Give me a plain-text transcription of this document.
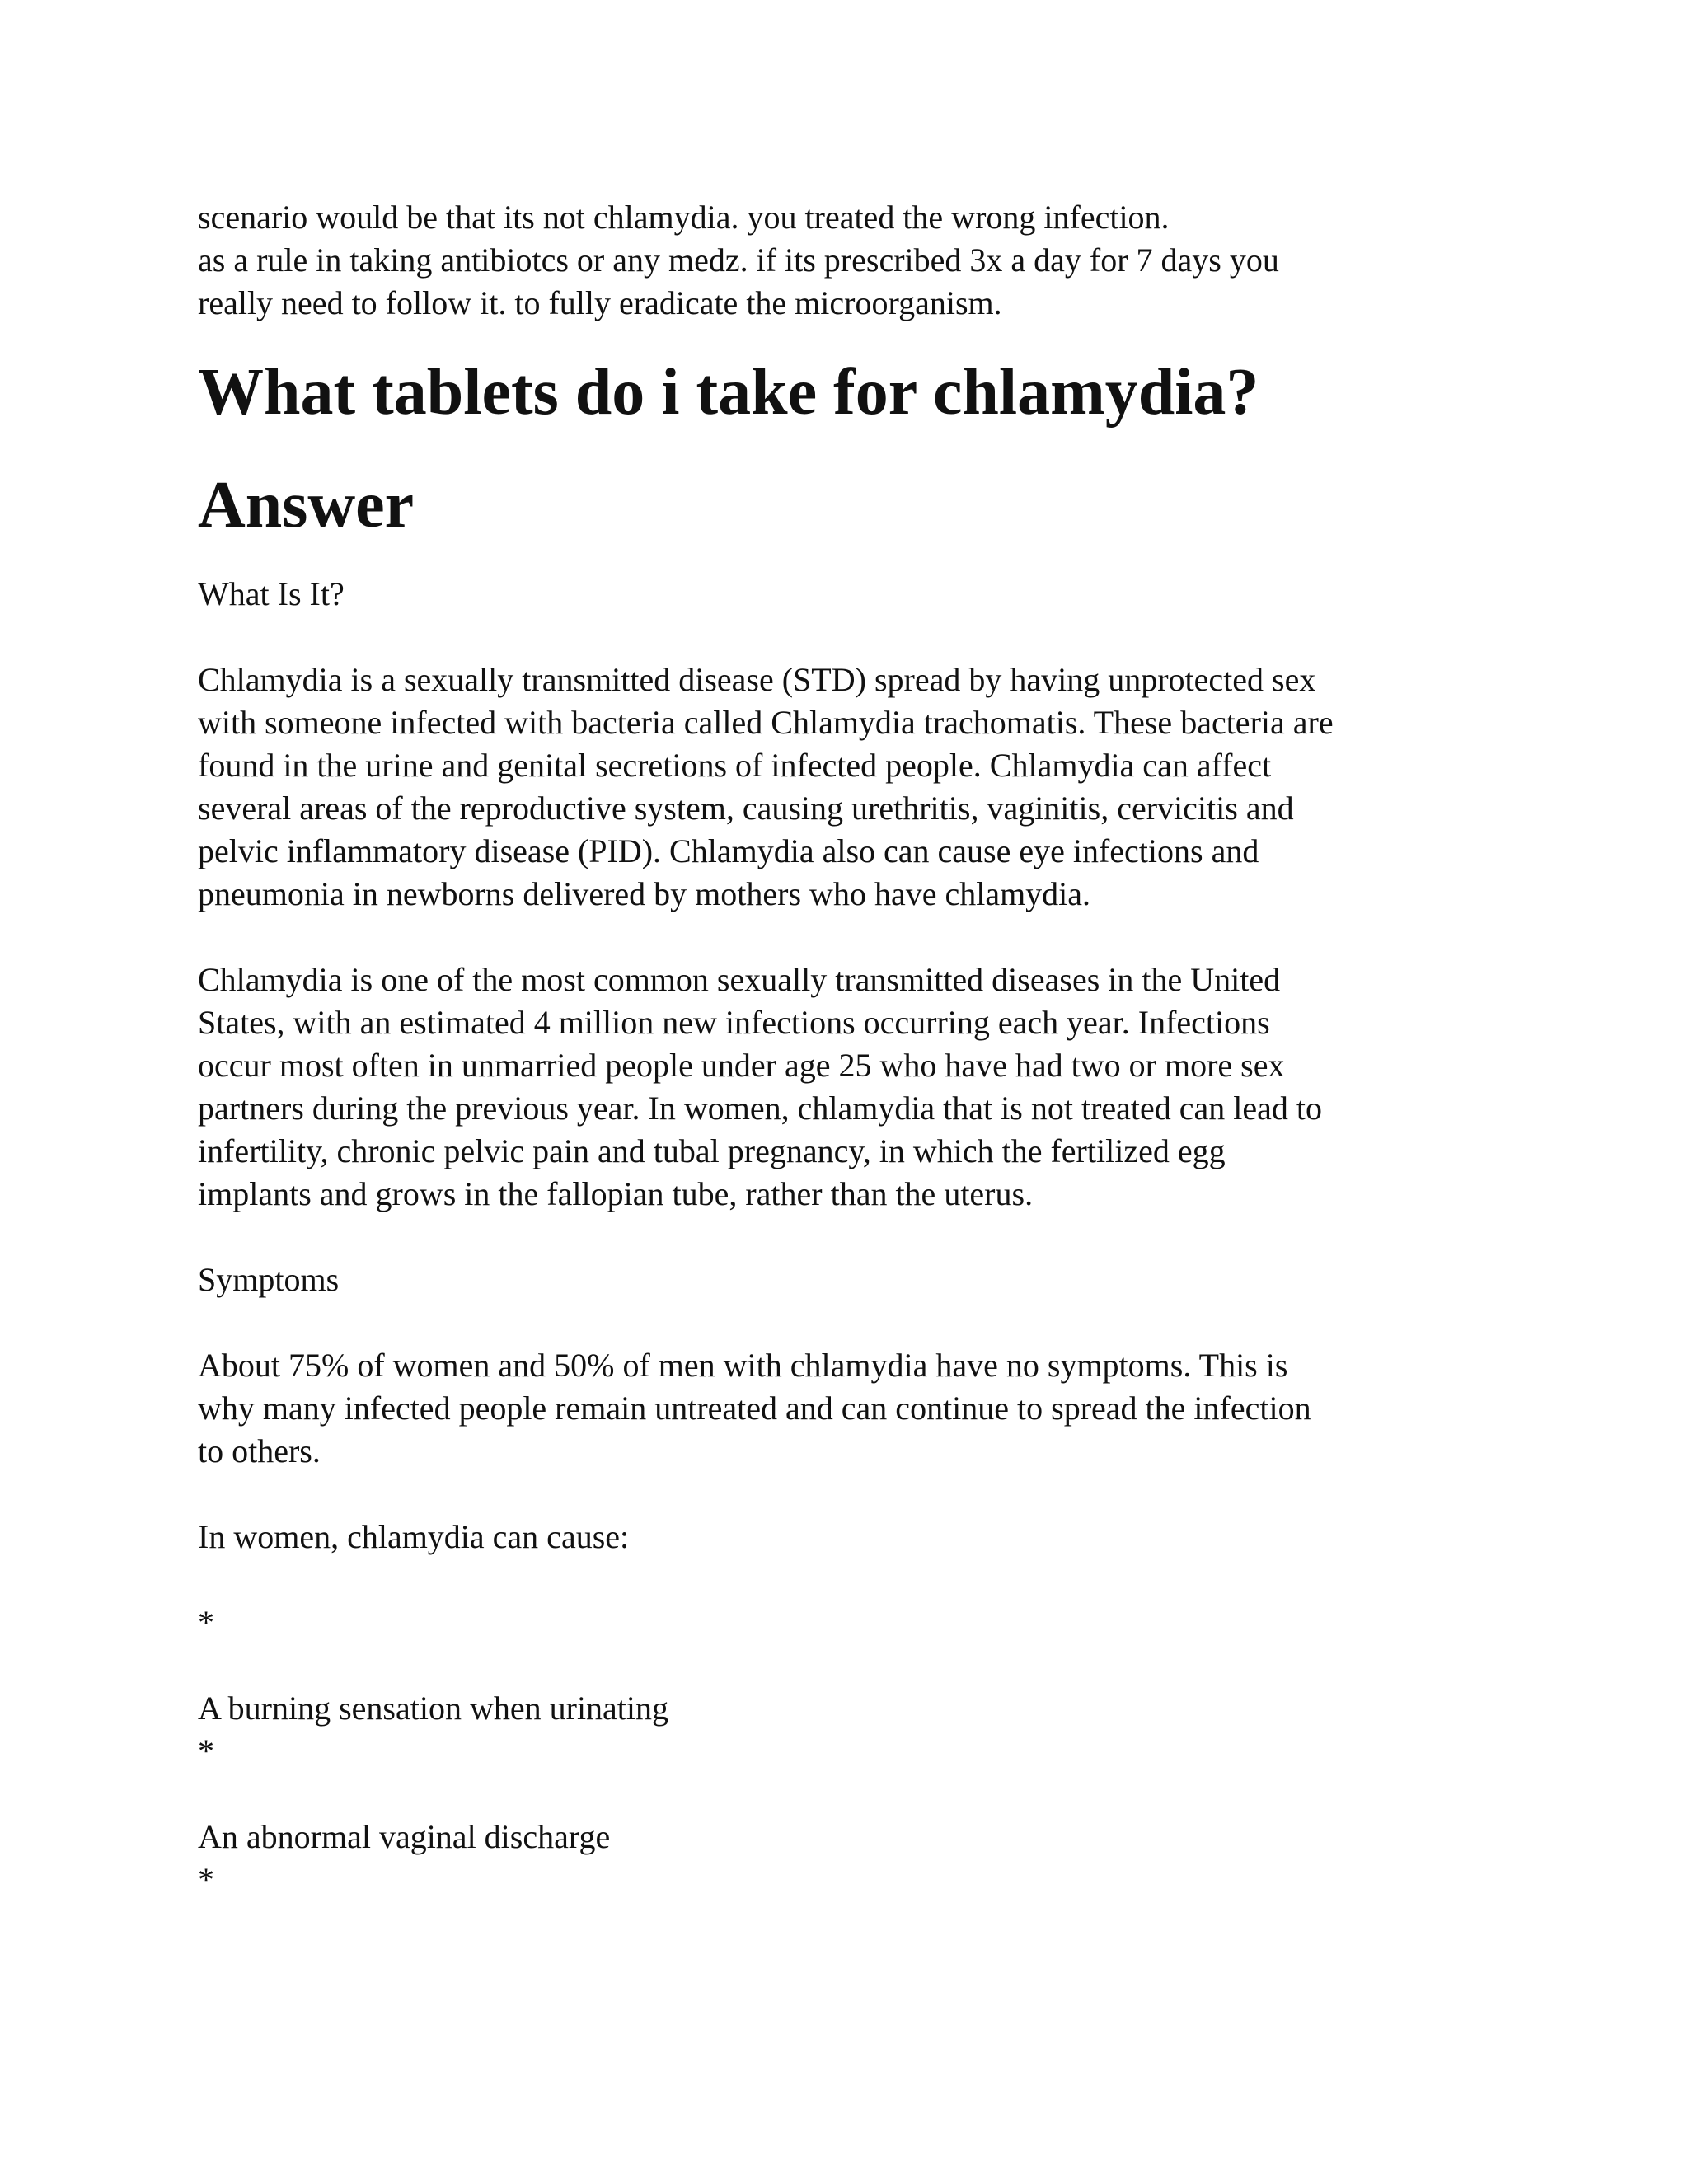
scenario would be that its not chlamydia. you treated the wrong infection.
as a rule in taking antibiotcs or any medz. if its prescribed 3x a day for 7 days you
really need to follow it. to fully eradicate the microorganism.

What tablets do i take for chlamydia?
Answer

What Is It?

Chlamydia is a sexually transmitted disease (STD) spread by having unprotected sex
with someone infected with bacteria called Chlamydia trachomatis. These bacteria are
found in the urine and genital secretions of infected people. Chlamydia can affect
several areas of the reproductive system, causing urethritis, vaginitis, cervicitis and
pelvic inflammatory disease (PID). Chlamydia also can cause eye infections and
pneumonia in newborns delivered by mothers who have chlamydia.

Chlamydia is one of the most common sexually transmitted diseases in the United
States, with an estimated 4 million new infections occurring each year. Infections
occur most often in unmarried people under age 25 who have had two or more sex
partners during the previous year. In women, chlamydia that is not treated can lead to
infertility, chronic pelvic pain and tubal pregnancy, in which the fertilized egg
implants and grows in the fallopian tube, rather than the uterus.

Symptoms

About 75% of women and 50% of men with chlamydia have no symptoms. This is
why many infected people remain untreated and can continue to spread the infection
to others.

In women, chlamydia can cause:

*

A burning sensation when urinating
*

An abnormal vaginal discharge
*
